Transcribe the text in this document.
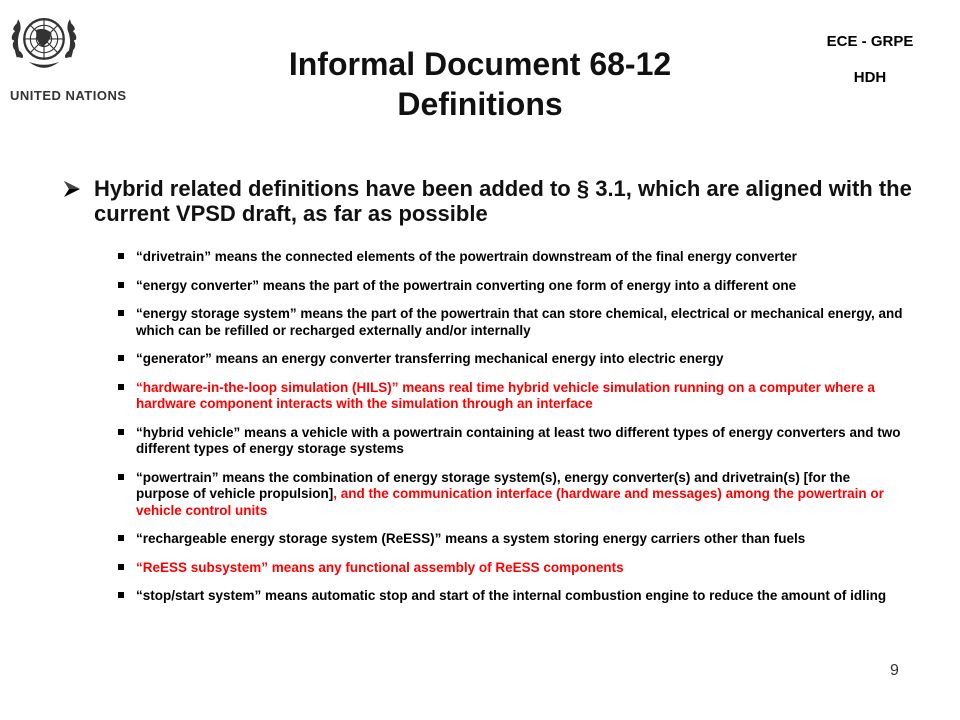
UNITED NATIONS
ECE - GRPE
HDH
Informal Document 68-12
Definitions
Hybrid related definitions have been added to § 3.1, which are aligned with the current VPSD draft, as far as possible
“drivetrain” means the connected elements of the powertrain downstream of the final energy converter
“energy converter” means the part of the powertrain converting one form of energy into a different one
“energy storage system” means the part of the powertrain that can store chemical, electrical or mechanical energy, and which can be refilled or recharged externally and/or internally
“generator” means an energy converter transferring mechanical energy into electric energy
“hardware-in-the-loop simulation (HILS)” means real time hybrid vehicle simulation running on a computer where a hardware component interacts with the simulation through an interface
“hybrid vehicle” means a vehicle with a powertrain containing at least two different types of energy converters and two different types of energy storage systems
“powertrain” means the combination of energy storage system(s), energy converter(s) and drivetrain(s) [for the purpose of vehicle propulsion], and the communication interface (hardware and messages) among the powertrain or vehicle control units
“rechargeable energy storage system (ReESS)” means a system storing energy carriers other than fuels
“ReESS subsystem” means any functional assembly of ReESS components
“stop/start system” means automatic stop and start of the internal combustion engine to reduce the amount of idling
9
